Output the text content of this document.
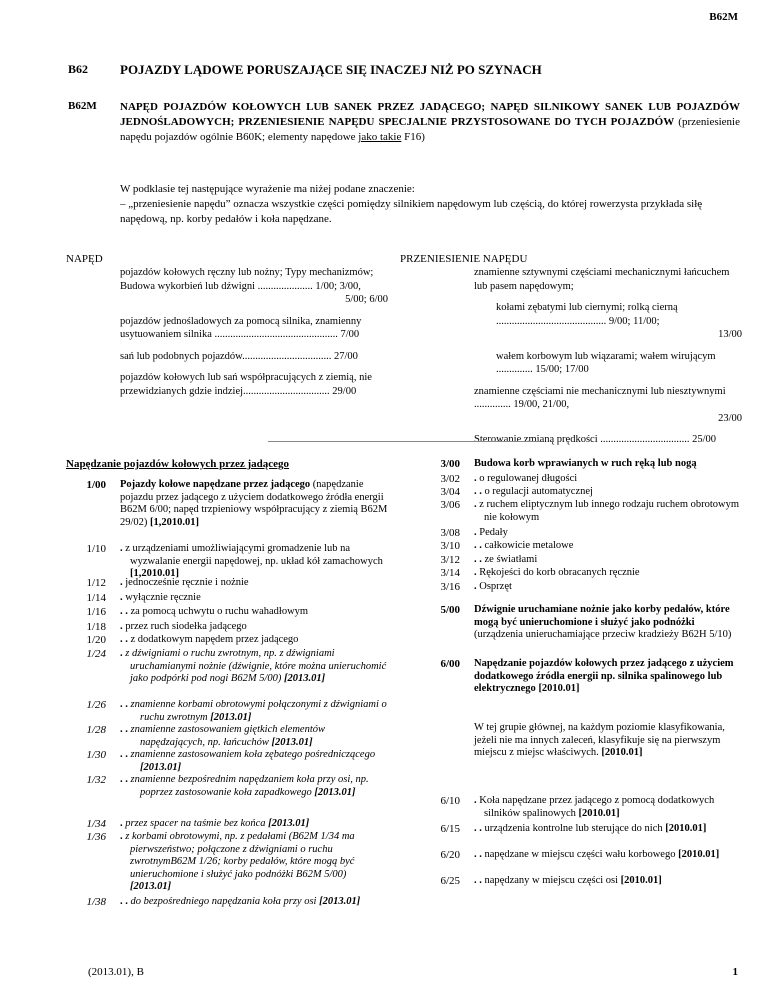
B62M
B62 POJAZDY LĄDOWE PORUSZAJĄCE SIĘ INACZEJ NIŻ PO SZYNACH
B62M NAPĘD POJAZDÓW KOŁOWYCH LUB SANEK PRZEZ JADĄCEGO; NAPĘD SILNIKOWY SANEK LUB POJAZDÓW JEDNOŚLADOWYCH; PRZENIESIENIE NAPĘDU SPECJALNIE PRZYSTOSOWANE DO TYCH POJAZDÓW (przeniesienie napędu pojazdów ogólnie B60K; elementy napędowe jako takie F16)
W podklasie tej następujące wyrażenie ma niżej podane znaczenie:
– „przeniesienie napędu” oznacza wszystkie części pomiędzy silnikiem napędowym lub częścią, do której rowerzysta przykłada siłę napędową, np. korby pedałów i koła napędzane.
NAPĘD	PRZENIESIENIE NAPĘDU
pojazdów kołowych ręczny lub nożny; Typy mechanizmów; Budowa wykorbień lub dźwigni ..................... 1/00; 3/00,
5/00; 6/00
pojazdów jednośladowych za pomocą silnika, znamienny usytuowaniem silnika ............................................... 7/00
sań lub podobnych pojazdów.................................. 27/00
pojazdów kołowych lub sań współpracujących z ziemią, nie przewidzianych gdzie indziej................................. 29/00
znamienne sztywnymi częściami mechanicznymi łańcuchem lub pasem napędowym;
kołami zębatymi lub ciernymi; rolką cierną .......................................... 9/00; 11/00;
13/00
wałem korbowym lub wiązarami; wałem wirującym .............. 15/00; 17/00
znamienne częściami nie mechanicznymi lub niesztywnymi .............. 19/00, 21/00,
23/00
Sterowanie zmianą prędkości .................................. 25/00
Napędzanie pojazdów kołowych przez jadącego
1/00 Pojazdy kołowe napędzane przez jadącego (napędzanie pojazdu przez jadącego z użyciem dodatkowego źródła energii B62M 6/00; napęd trzpieniowy współpracujący z ziemią B62M 29/02) [1,2010.01]
1/10 . z urządzeniami umożliwiającymi gromadzenie lub na wyzwalanie energii napędowej, np. układ kół zamachowych [1,2010.01]
1/12 . jednocześnie ręcznie i nożnie
1/14 . wyłącznie ręcznie
1/16 . . za pomocą uchwytu o ruchu wahadłowym
1/18 . przez ruch siodełka jadącego
1/20 . . z dodatkowym napędem przez jadącego
1/24 . z dźwigniami o ruchu zwrotnym, np. z dźwigniami uruchamianymi nożnie (dźwignie, które można unieruchomić jako podpórki pod nogi B62M 5/00) [2013.01]
1/26 . . znamienne korbami obrotowymi połączonymi z dźwigniami o ruchu zwrotnym [2013.01]
1/28 . . znamienne zastosowaniem giętkich elementów napędzających, np. łańcuchów [2013.01]
1/30 . . znamienne zastosowaniem koła zębatego pośredniczącego [2013.01]
1/32 . . znamienne bezpośrednim napędzaniem koła przy osi, np. poprzez zastosowanie koła zapadkowego [2013.01]
1/34 . przez spacer na taśmie bez końca [2013.01]
1/36 . z korbami obrotowymi, np. z pedałami (B62M 1/34 ma pierwszeństwo; połączone z dźwigniami o ruchu zwrotnymB62M 1/26; korby pedałów, które mogą być unieruchomione i służyć jako podnóżki B62M 5/00) [2013.01]
1/38 . . do bezpośredniego napędzania koła przy osi [2013.01]
3/00 Budowa korb wprawianych w ruch ręką lub nogą
3/02 . o regulowanej długości
3/04 . . o regulacji automatycznej
3/06 . z ruchem eliptycznym lub innego rodzaju ruchem obrotowym nie kołowym
3/08 . Pedały
3/10 . . całkowicie metalowe
3/12 . . ze światłami
3/14 . Rękojeści do korb obracanych ręcznie
3/16 . Osprzęt
5/00 Dźwignie uruchamiane nożnie jako korby pedałów, które mogą być unieruchomione i służyć jako podnóżki (urządzenia unieruchamiające przeciw kradzieży B62H 5/10)
6/00 Napędzanie pojazdów kołowych przez jadącego z użyciem dodatkowego źródła energii np. silnika spalinowego lub elektrycznego [2010.01]
6/10 . Koła napędzane przez jadącego z pomocą dodatkowych silników spalinowych [2010.01]
6/15 . . urządzenia kontrolne lub sterujące do nich [2010.01]
6/20 . . napędzane w miejscu części wału korbowego [2010.01]
6/25 . . napędzany w miejscu części osi [2010.01]
(2013.01), B	1
W tej grupie głównej, na każdym poziomie klasyfikowania, jeżeli nie ma innych zaleceń, klasyfikuje się na pierwszym miejscu z miejsc właściwych. [2010.01]
